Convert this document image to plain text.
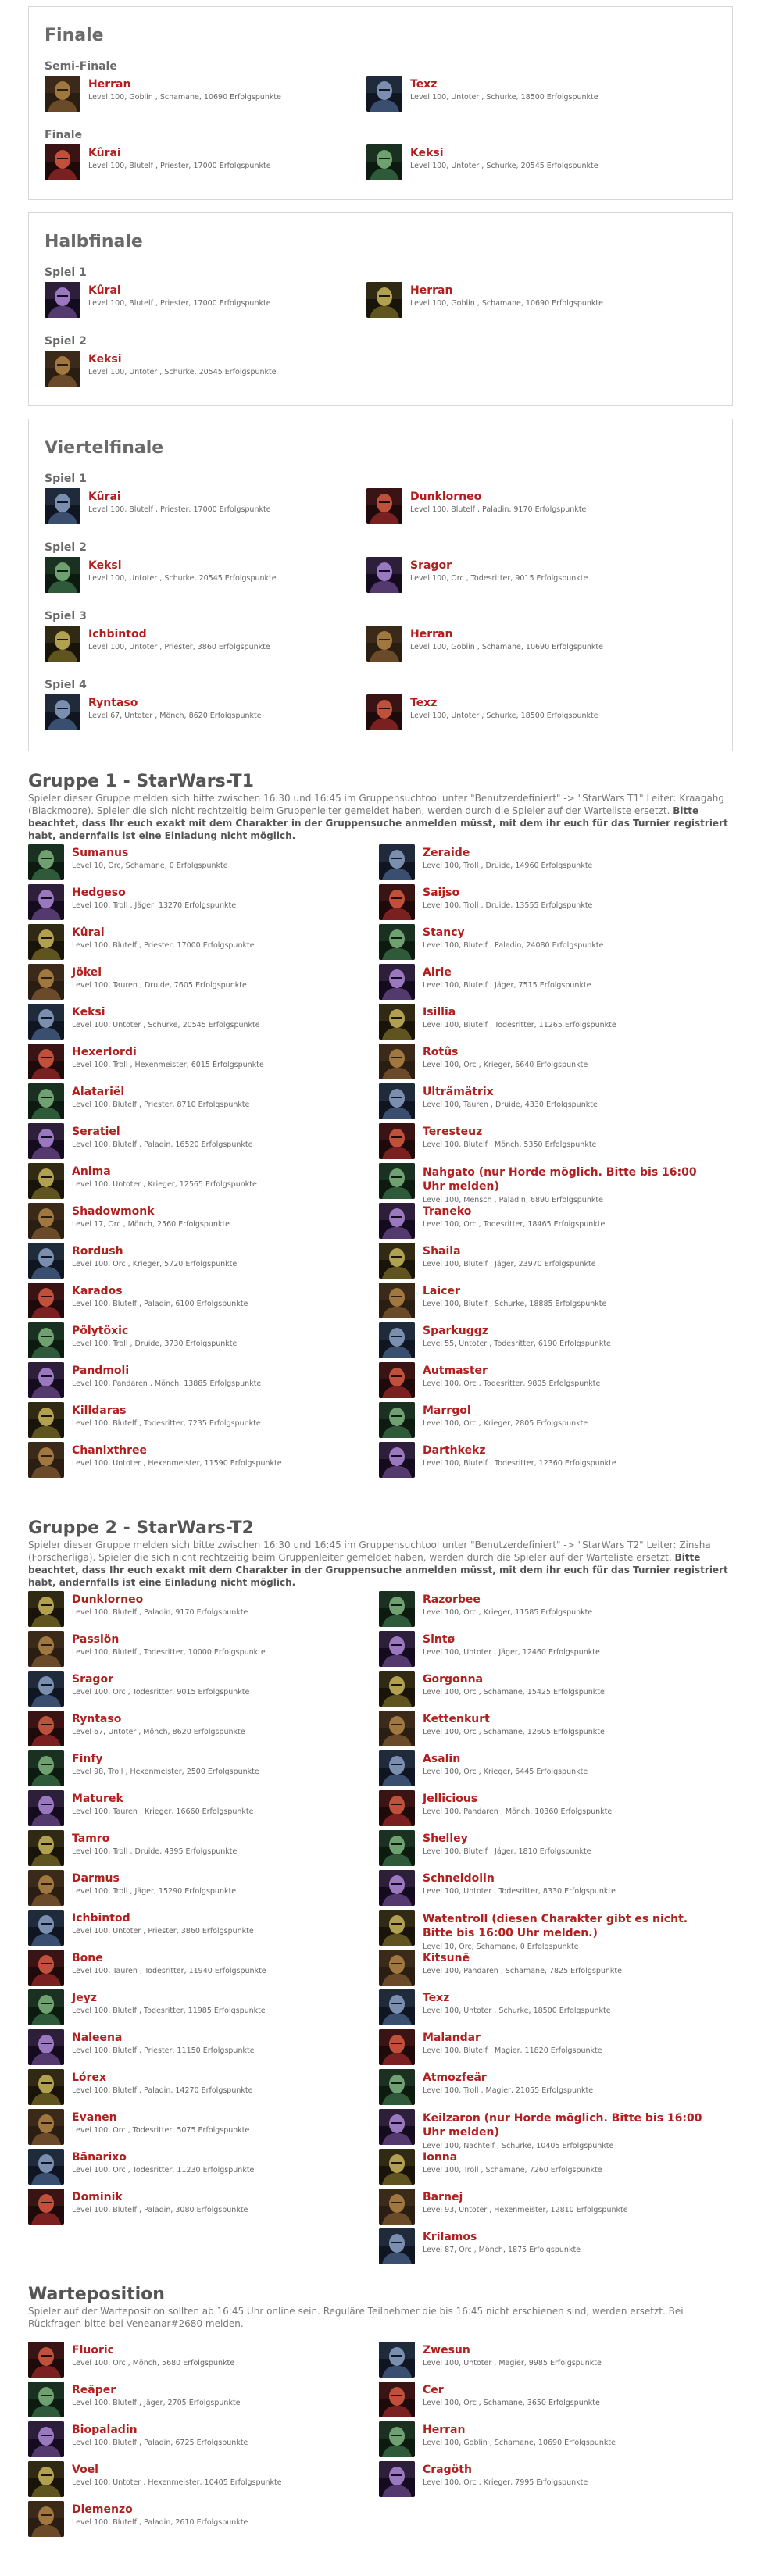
Finale
Semi-Finale
Herran
Level 100, Goblin , Schamane, 10690 Erfolgspunkte
Texz
Level 100, Untoter , Schurke, 18500 Erfolgspunkte
Finale
Kûrai
Level 100, Blutelf , Priester, 17000 Erfolgspunkte
Keksi
Level 100, Untoter , Schurke, 20545 Erfolgspunkte
Halbfinale
Spiel 1
Kûrai
Level 100, Blutelf , Priester, 17000 Erfolgspunkte
Herran
Level 100, Goblin , Schamane, 10690 Erfolgspunkte
Spiel 2
Keksi
Level 100, Untoter , Schurke, 20545 Erfolgspunkte
Viertelfinale
Spiel 1
Kûrai
Level 100, Blutelf , Priester, 17000 Erfolgspunkte
Dunklorneo
Level 100, Blutelf , Paladin, 9170 Erfolgspunkte
Spiel 2
Keksi
Level 100, Untoter , Schurke, 20545 Erfolgspunkte
Sragor
Level 100, Orc , Todesritter, 9015 Erfolgspunkte
Spiel 3
Ichbintod
Level 100, Untoter , Priester, 3860 Erfolgspunkte
Herran
Level 100, Goblin , Schamane, 10690 Erfolgspunkte
Spiel 4
Ryntaso
Level 67, Untoter , Mönch, 8620 Erfolgspunkte
Texz
Level 100, Untoter , Schurke, 18500 Erfolgspunkte
Gruppe 1 - StarWars-T1

Spieler dieser Gruppe melden sich bitte zwischen 16:30 und 16:45 im Gruppensuchtool unter "Benutzerdefiniert" -> "StarWars T1" Leiter: Kraagahg (Blackmoore). Spieler die sich nicht rechtzeitig beim Gruppenleiter gemeldet haben, werden durch die Spieler auf der Warteliste ersetzt. Bitte beachtet, dass Ihr euch exakt mit dem Charakter in der Gruppensuche anmelden müsst, mit dem ihr euch für das Turnier registriert habt, andernfalls ist eine Einladung nicht möglich.

Sumanus
Level 10, Orc, Schamane, 0 Erfolgspunkte
Hedgeso
Level 100, Troll , Jäger, 13270 Erfolgspunkte
Kûrai
Level 100, Blutelf , Priester, 17000 Erfolgspunkte
Jökel
Level 100, Tauren , Druide, 7605 Erfolgspunkte
Keksi
Level 100, Untoter , Schurke, 20545 Erfolgspunkte
Hexerlordi
Level 100, Troll , Hexenmeister, 6015 Erfolgspunkte
Alatariël
Level 100, Blutelf , Priester, 8710 Erfolgspunkte
Seratiel
Level 100, Blutelf , Paladin, 16520 Erfolgspunkte
Anima
Level 100, Untoter , Krieger, 12565 Erfolgspunkte
Shadowmonk
Level 17, Orc , Mönch, 2560 Erfolgspunkte
Rordush
Level 100, Orc , Krieger, 5720 Erfolgspunkte
Karados
Level 100, Blutelf , Paladin, 6100 Erfolgspunkte
Pölytöxic
Level 100, Troll , Druide, 3730 Erfolgspunkte
Pandmoli
Level 100, Pandaren , Mönch, 13885 Erfolgspunkte
Killdaras
Level 100, Blutelf , Todesritter, 7235 Erfolgspunkte
Chanixthree
Level 100, Untoter , Hexenmeister, 11590 Erfolgspunkte
Zeraide
Level 100, Troll , Druide, 14960 Erfolgspunkte
Saijso
Level 100, Troll , Druide, 13555 Erfolgspunkte
Stancy
Level 100, Blutelf , Paladin, 24080 Erfolgspunkte
Alrie
Level 100, Blutelf , Jäger, 7515 Erfolgspunkte
Isillia
Level 100, Blutelf , Todesritter, 11265 Erfolgspunkte
Rotûs
Level 100, Orc , Krieger, 6640 Erfolgspunkte
Ulträmätrix
Level 100, Tauren , Druide, 4330 Erfolgspunkte
Teresteuz
Level 100, Blutelf , Mönch, 5350 Erfolgspunkte
Nahgato (nur Horde möglich. Bitte bis 16:00 Uhr melden)
Level 100, Mensch , Paladin, 6890 Erfolgspunkte
Traneko
Level 100, Orc , Todesritter, 18465 Erfolgspunkte
Shaila
Level 100, Blutelf , Jäger, 23970 Erfolgspunkte
Laicer
Level 100, Blutelf , Schurke, 18885 Erfolgspunkte
Sparkuggz
Level 55, Untoter , Todesritter, 6190 Erfolgspunkte
Autmaster
Level 100, Orc , Todesritter, 9805 Erfolgspunkte
Marrgol
Level 100, Orc , Krieger, 2805 Erfolgspunkte
Darthkekz
Level 100, Blutelf , Todesritter, 12360 Erfolgspunkte
Gruppe 2 - StarWars-T2

Spieler dieser Gruppe melden sich bitte zwischen 16:30 und 16:45 im Gruppensuchtool unter "Benutzerdefiniert" -> "StarWars T2" Leiter: Zinsha (Forscherliga). Spieler die sich nicht rechtzeitig beim Gruppenleiter gemeldet haben, werden durch die Spieler auf der Warteliste ersetzt. Bitte beachtet, dass Ihr euch exakt mit dem Charakter in der Gruppensuche anmelden müsst, mit dem ihr euch für das Turnier registriert habt, andernfalls ist eine Einladung nicht möglich.

Dunklorneo
Level 100, Blutelf , Paladin, 9170 Erfolgspunkte
Passiön
Level 100, Blutelf , Todesritter, 10000 Erfolgspunkte
Sragor
Level 100, Orc , Todesritter, 9015 Erfolgspunkte
Ryntaso
Level 67, Untoter , Mönch, 8620 Erfolgspunkte
Finfy
Level 98, Troll , Hexenmeister, 2500 Erfolgspunkte
Maturek
Level 100, Tauren , Krieger, 16660 Erfolgspunkte
Tamro
Level 100, Troll , Druide, 4395 Erfolgspunkte
Darmus
Level 100, Troll , Jäger, 15290 Erfolgspunkte
Ichbintod
Level 100, Untoter , Priester, 3860 Erfolgspunkte
Bone
Level 100, Tauren , Todesritter, 11940 Erfolgspunkte
Jeyz
Level 100, Blutelf , Todesritter, 11985 Erfolgspunkte
Naleena
Level 100, Blutelf , Priester, 11150 Erfolgspunkte
Lórex
Level 100, Blutelf , Paladin, 14270 Erfolgspunkte
Evanen
Level 100, Orc , Todesritter, 5075 Erfolgspunkte
Bänarixo
Level 100, Orc , Todesritter, 11230 Erfolgspunkte
Dominik
Level 100, Blutelf , Paladin, 3080 Erfolgspunkte
Razorbee
Level 100, Orc , Krieger, 11585 Erfolgspunkte
Sintø
Level 100, Untoter , Jäger, 12460 Erfolgspunkte
Gorgonna
Level 100, Orc , Schamane, 15425 Erfolgspunkte
Kettenkurt
Level 100, Orc , Schamane, 12605 Erfolgspunkte
Asalin
Level 100, Orc , Krieger, 6445 Erfolgspunkte
Jellicious
Level 100, Pandaren , Mönch, 10360 Erfolgspunkte
Shelley
Level 100, Blutelf , Jäger, 1810 Erfolgspunkte
Schneidolin
Level 100, Untoter , Todesritter, 8330 Erfolgspunkte
Watentroll (diesen Charakter gibt es nicht. Bitte bis 16:00 Uhr melden.)
Level 10, Orc, Schamane, 0 Erfolgspunkte
Kitsunë
Level 100, Pandaren , Schamane, 7825 Erfolgspunkte
Texz
Level 100, Untoter , Schurke, 18500 Erfolgspunkte
Malandar
Level 100, Blutelf , Magier, 11820 Erfolgspunkte
Atmozfeär
Level 100, Troll , Magier, 21055 Erfolgspunkte
Keilzaron (nur Horde möglich. Bitte bis 16:00 Uhr melden)
Level 100, Nachtelf , Schurke, 10405 Erfolgspunkte
Ionna
Level 100, Troll , Schamane, 7260 Erfolgspunkte
Barnej
Level 93, Untoter , Hexenmeister, 12810 Erfolgspunkte
Krilamos
Level 87, Orc , Mönch, 1875 Erfolgspunkte
Warteposition

Spieler auf der Warteposition sollten ab 16:45 Uhr online sein. Reguläre Teilnehmer die bis 16:45 nicht erschienen sind, werden ersetzt. Bei Rückfragen bitte bei Veneanar#2680 melden.

Fluoric
Level 100, Orc , Mönch, 5680 Erfolgspunkte
Reäper
Level 100, Blutelf , Jäger, 2705 Erfolgspunkte
Biopaladin
Level 100, Blutelf , Paladin, 6725 Erfolgspunkte
Voel
Level 100, Untoter , Hexenmeister, 10405 Erfolgspunkte
Diemenzo
Level 100, Blutelf , Paladin, 2610 Erfolgspunkte
Zwesun
Level 100, Untoter , Magier, 9985 Erfolgspunkte
Cer
Level 100, Orc , Schamane, 3650 Erfolgspunkte
Herran
Level 100, Goblin , Schamane, 10690 Erfolgspunkte
Cragöth
Level 100, Orc , Krieger, 7995 Erfolgspunkte
